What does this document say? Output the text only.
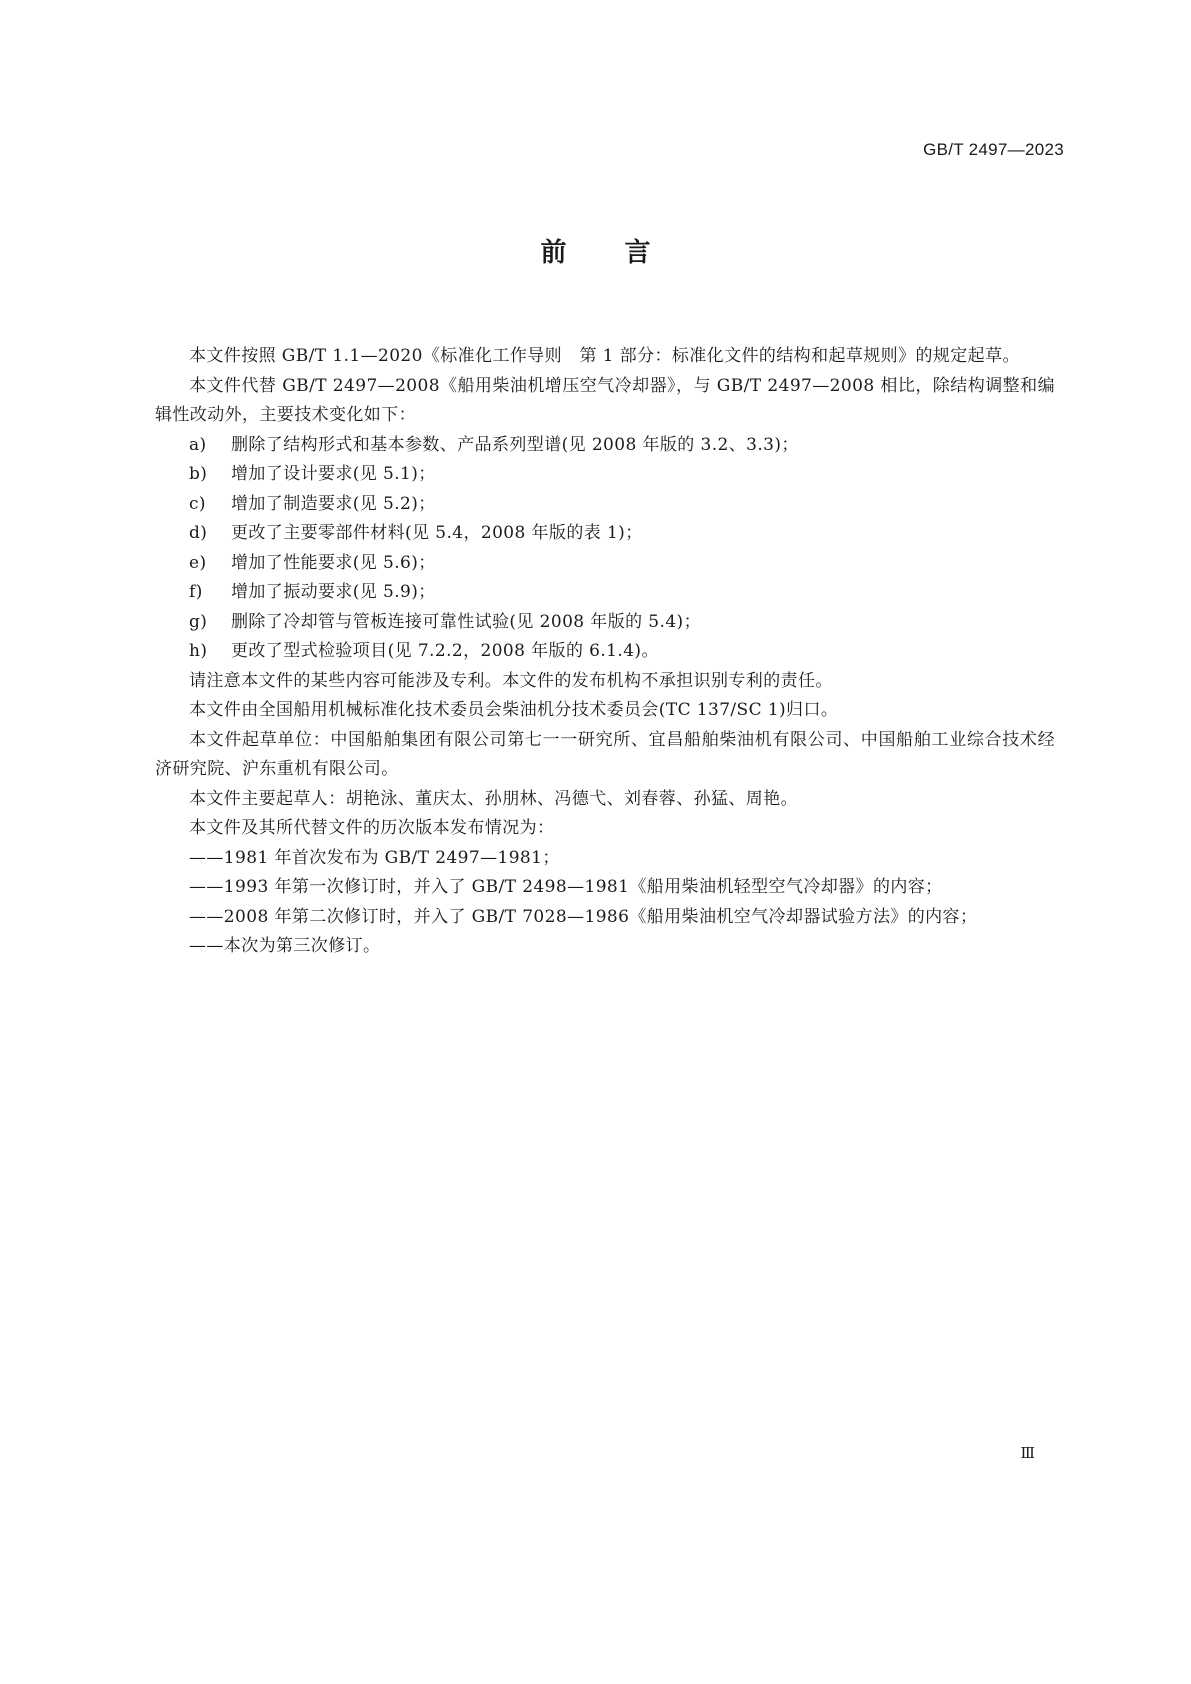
GB/T 2497—2023
前 言

本文件按照 GB/T 1.1—2020《标准化工作导则　第 1 部分：标准化文件的结构和起草规则》的规定起草。

本文件代替 GB/T 2497—2008《船用柴油机增压空气冷却器》，与 GB/T 2497—2008 相比，除结构调整和编辑性改动外，主要技术变化如下：

a) 删除了结构形式和基本参数、产品系列型谱(见 2008 年版的 3.2、3.3)；

b) 增加了设计要求(见 5.1)；

c) 增加了制造要求(见 5.2)；

d) 更改了主要零部件材料(见 5.4，2008 年版的表 1)；

e) 增加了性能要求(见 5.6)；

f) 增加了振动要求(见 5.9)；

g) 删除了冷却管与管板连接可靠性试验(见 2008 年版的 5.4)；

h) 更改了型式检验项目(见 7.2.2，2008 年版的 6.1.4)。

请注意本文件的某些内容可能涉及专利。本文件的发布机构不承担识别专利的责任。

本文件由全国船用机械标准化技术委员会柴油机分技术委员会(TC 137/SC 1)归口。

本文件起草单位：中国船舶集团有限公司第七一一研究所、宜昌船舶柴油机有限公司、中国船舶工业综合技术经济研究院、沪东重机有限公司。

本文件主要起草人：胡艳泳、董庆太、孙朋林、冯德弋、刘春蓉、孙猛、周艳。

本文件及其所代替文件的历次版本发布情况为：

——1981 年首次发布为 GB/T 2497—1981；

——1993 年第一次修订时，并入了 GB/T 2498—1981《船用柴油机轻型空气冷却器》的内容；

——2008 年第二次修订时，并入了 GB/T 7028—1986《船用柴油机空气冷却器试验方法》的内容；

——本次为第三次修订。

Ⅲ
